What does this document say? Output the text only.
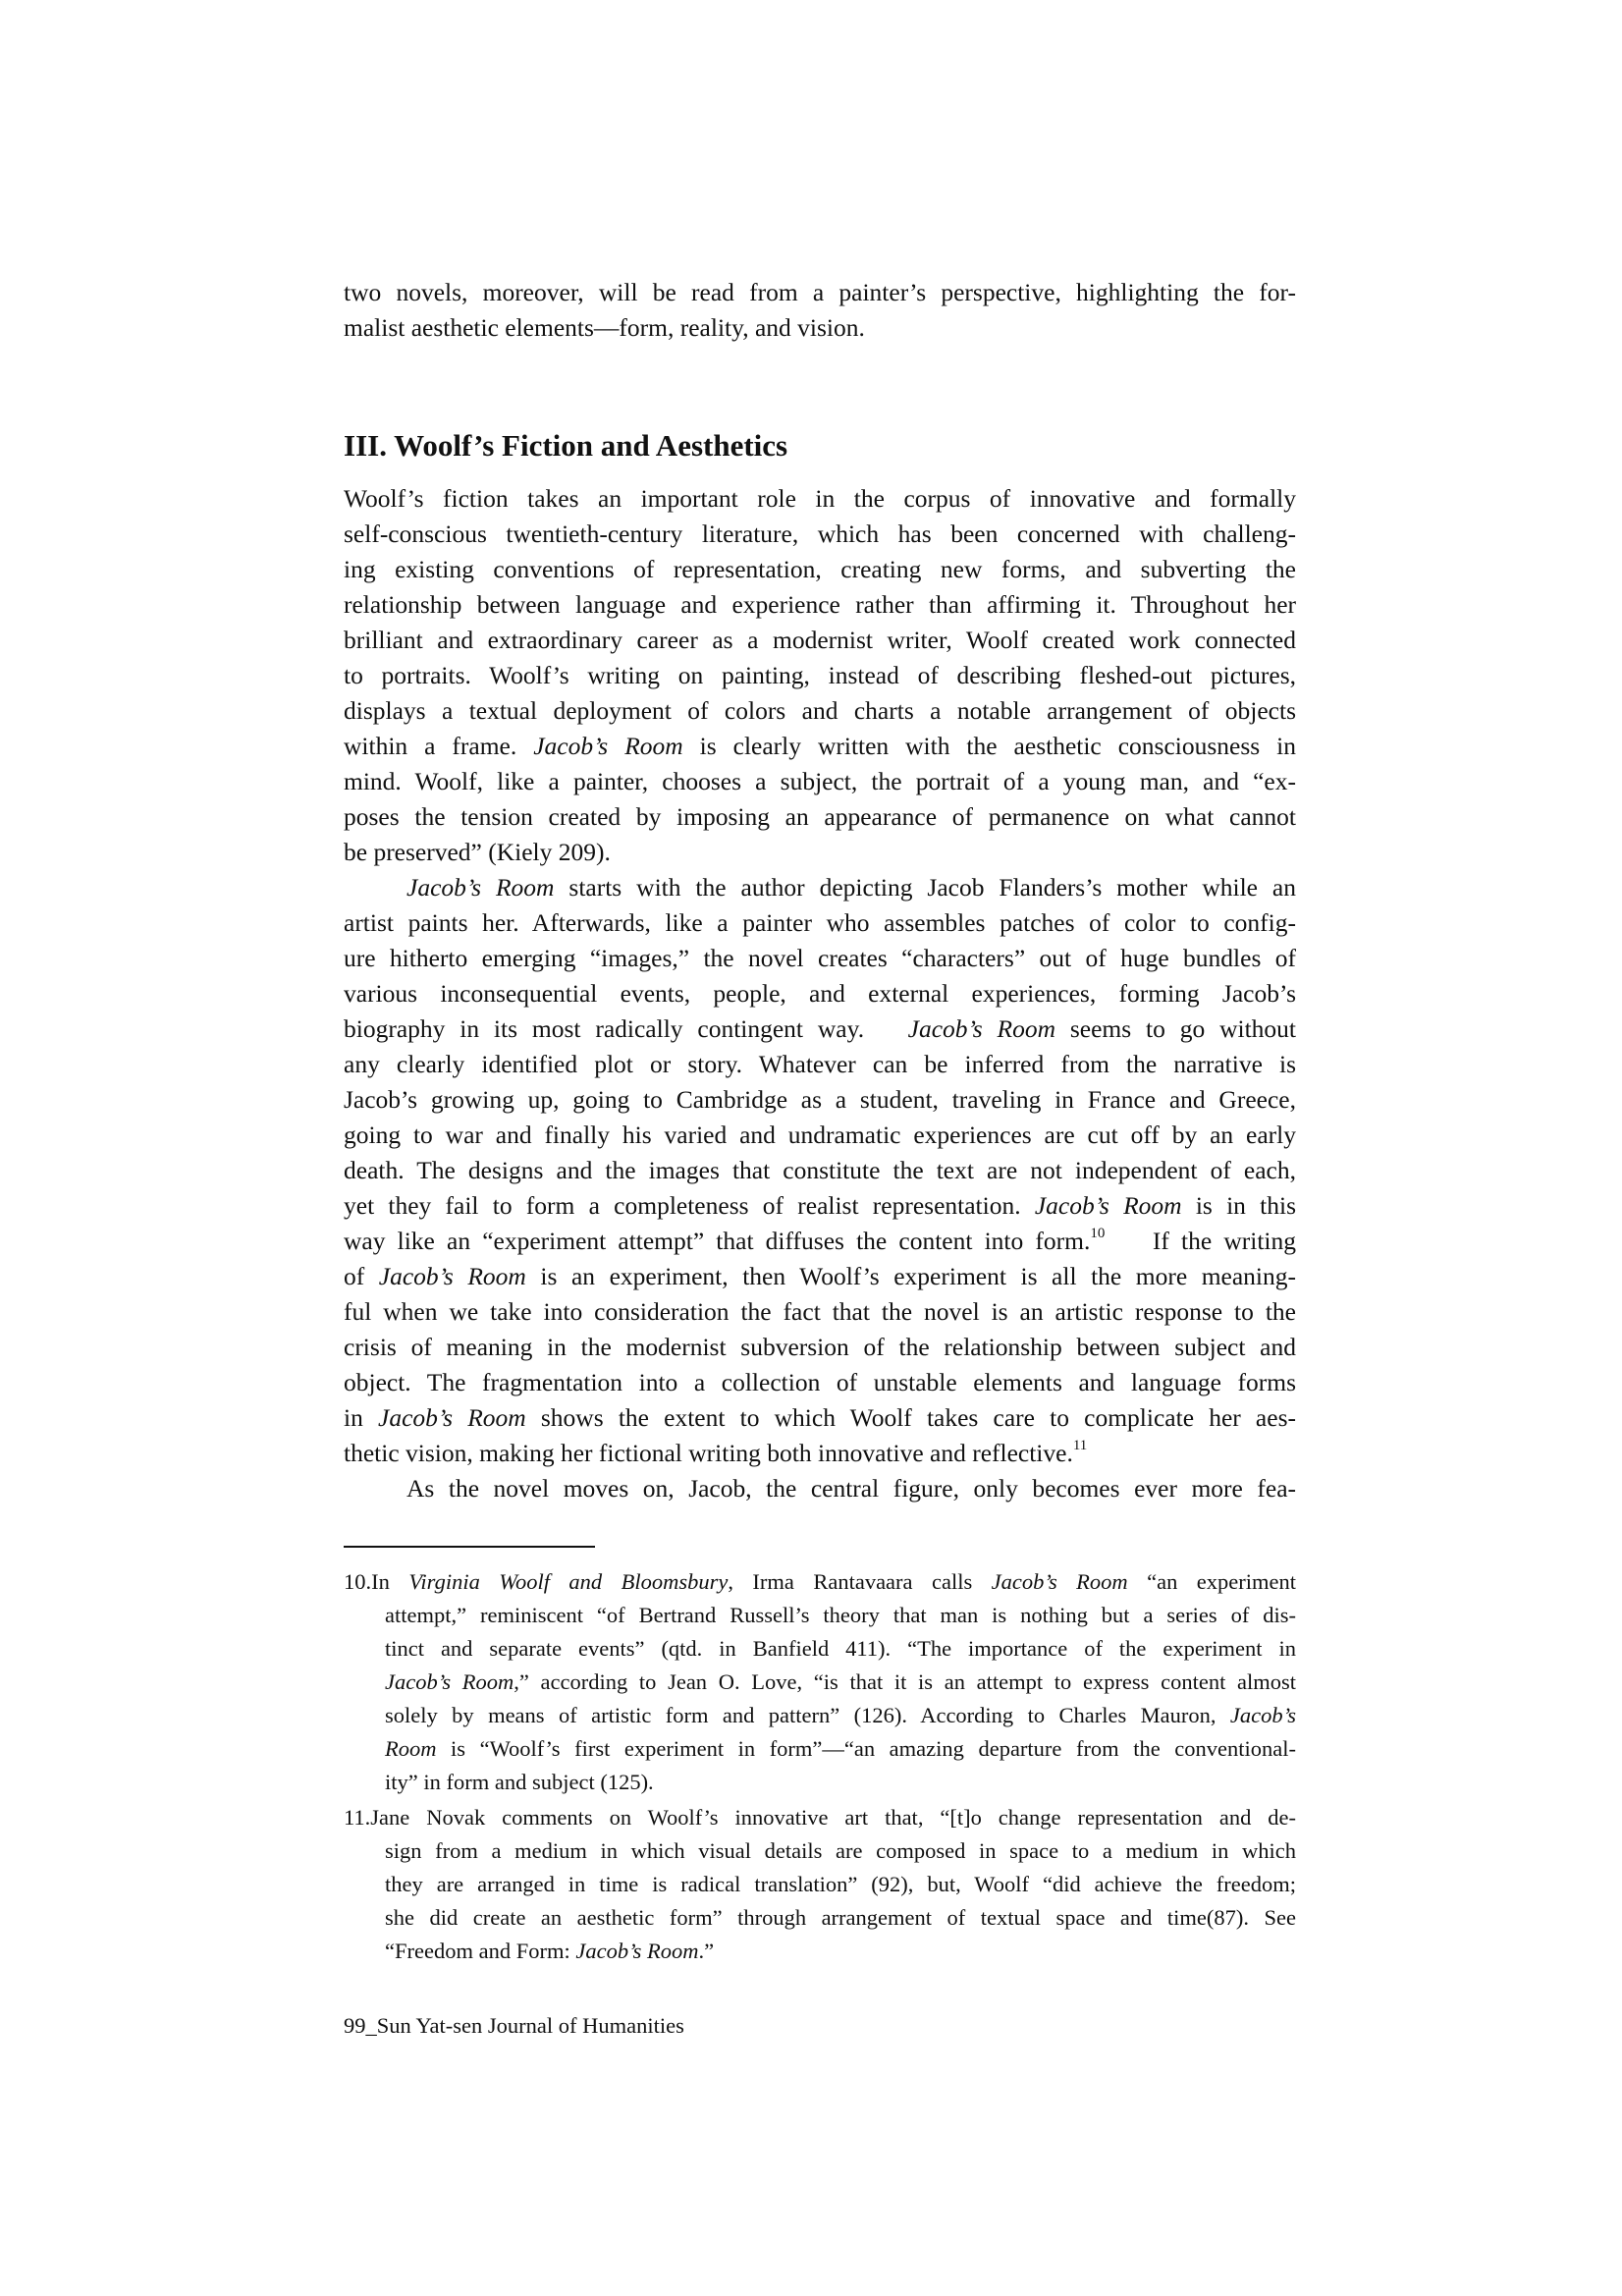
two novels, moreover, will be read from a painter’s perspective, highlighting the for-

malist aesthetic elements—form, reality, and vision.

III. Woolf’s Fiction and Aesthetics

Woolf’s fiction takes an important role in the corpus of innovative and formally

self-conscious twentieth-century literature, which has been concerned with challeng-

ing existing conventions of representation, creating new forms, and subverting the

relationship between language and experience rather than affirming it. Throughout her

brilliant and extraordinary career as a modernist writer, Woolf created work connected

to portraits. Woolf’s writing on painting, instead of describing fleshed-out pictures,

displays a textual deployment of colors and charts a notable arrangement of objects

within a frame. Jacob’s Room is clearly written with the aesthetic consciousness in

mind. Woolf, like a painter, chooses a subject, the portrait of a young man, and “ex-

poses the tension created by imposing an appearance of permanence on what cannot

be preserved” (Kiely 209).

Jacob’s Room starts with the author depicting Jacob Flanders’s mother while an

artist paints her. Afterwards, like a painter who assembles patches of color to config-

ure hitherto emerging “images,” the novel creates “characters” out of huge bundles of

various inconsequential events, people, and external experiences, forming Jacob’s

biography in its most radically contingent way.   Jacob’s Room seems to go without

any clearly identified plot or story. Whatever can be inferred from the narrative is

Jacob’s growing up, going to Cambridge as a student, traveling in France and Greece,

going to war and finally his varied and undramatic experiences are cut off by an early

death. The designs and the images that constitute the text are not independent of each,

yet they fail to form a completeness of realist representation. Jacob’s Room is in this

way like an “experiment attempt” that diffuses the content into form.$^{10}$    If the writing

of Jacob’s Room is an experiment, then Woolf’s experiment is all the more meaning-

ful when we take into consideration the fact that the novel is an artistic response to the

crisis of meaning in the modernist subversion of the relationship between subject and

object. The fragmentation into a collection of unstable elements and language forms

in Jacob’s Room shows the extent to which Woolf takes care to complicate her aes-

thetic vision, making her fictional writing both innovative and reflective.$^{11}$

As the novel moves on, Jacob, the central figure, only becomes ever more fea-

10.In Virginia Woolf and Bloomsbury, Irma Rantavaara calls Jacob’s Room “an experiment
attempt,” reminiscent “of Bertrand Russell’s theory that man is nothing but a series of dis-
tinct and separate events” (qtd. in Banfield 411). “The importance of the experiment in
Jacob’s Room,” according to Jean O. Love, “is that it is an attempt to express content almost
solely by means of artistic form and pattern” (126). According to Charles Mauron, Jacob’s
Room is “Woolf’s first experiment in form”—“an amazing departure from the conventional-

ity” in form and subject (125).

11.Jane Novak comments on Woolf’s innovative art that, “[t]o change representation and de-
sign from a medium in which visual details are composed in space to a medium in which
they are arranged in time is radical translation” (92), but, Woolf “did achieve the freedom;
she did create an aesthetic form” through arrangement of textual space and time(87). See

“Freedom and Form: Jacob’s Room.”

99_Sun Yat-sen Journal of Humanities
